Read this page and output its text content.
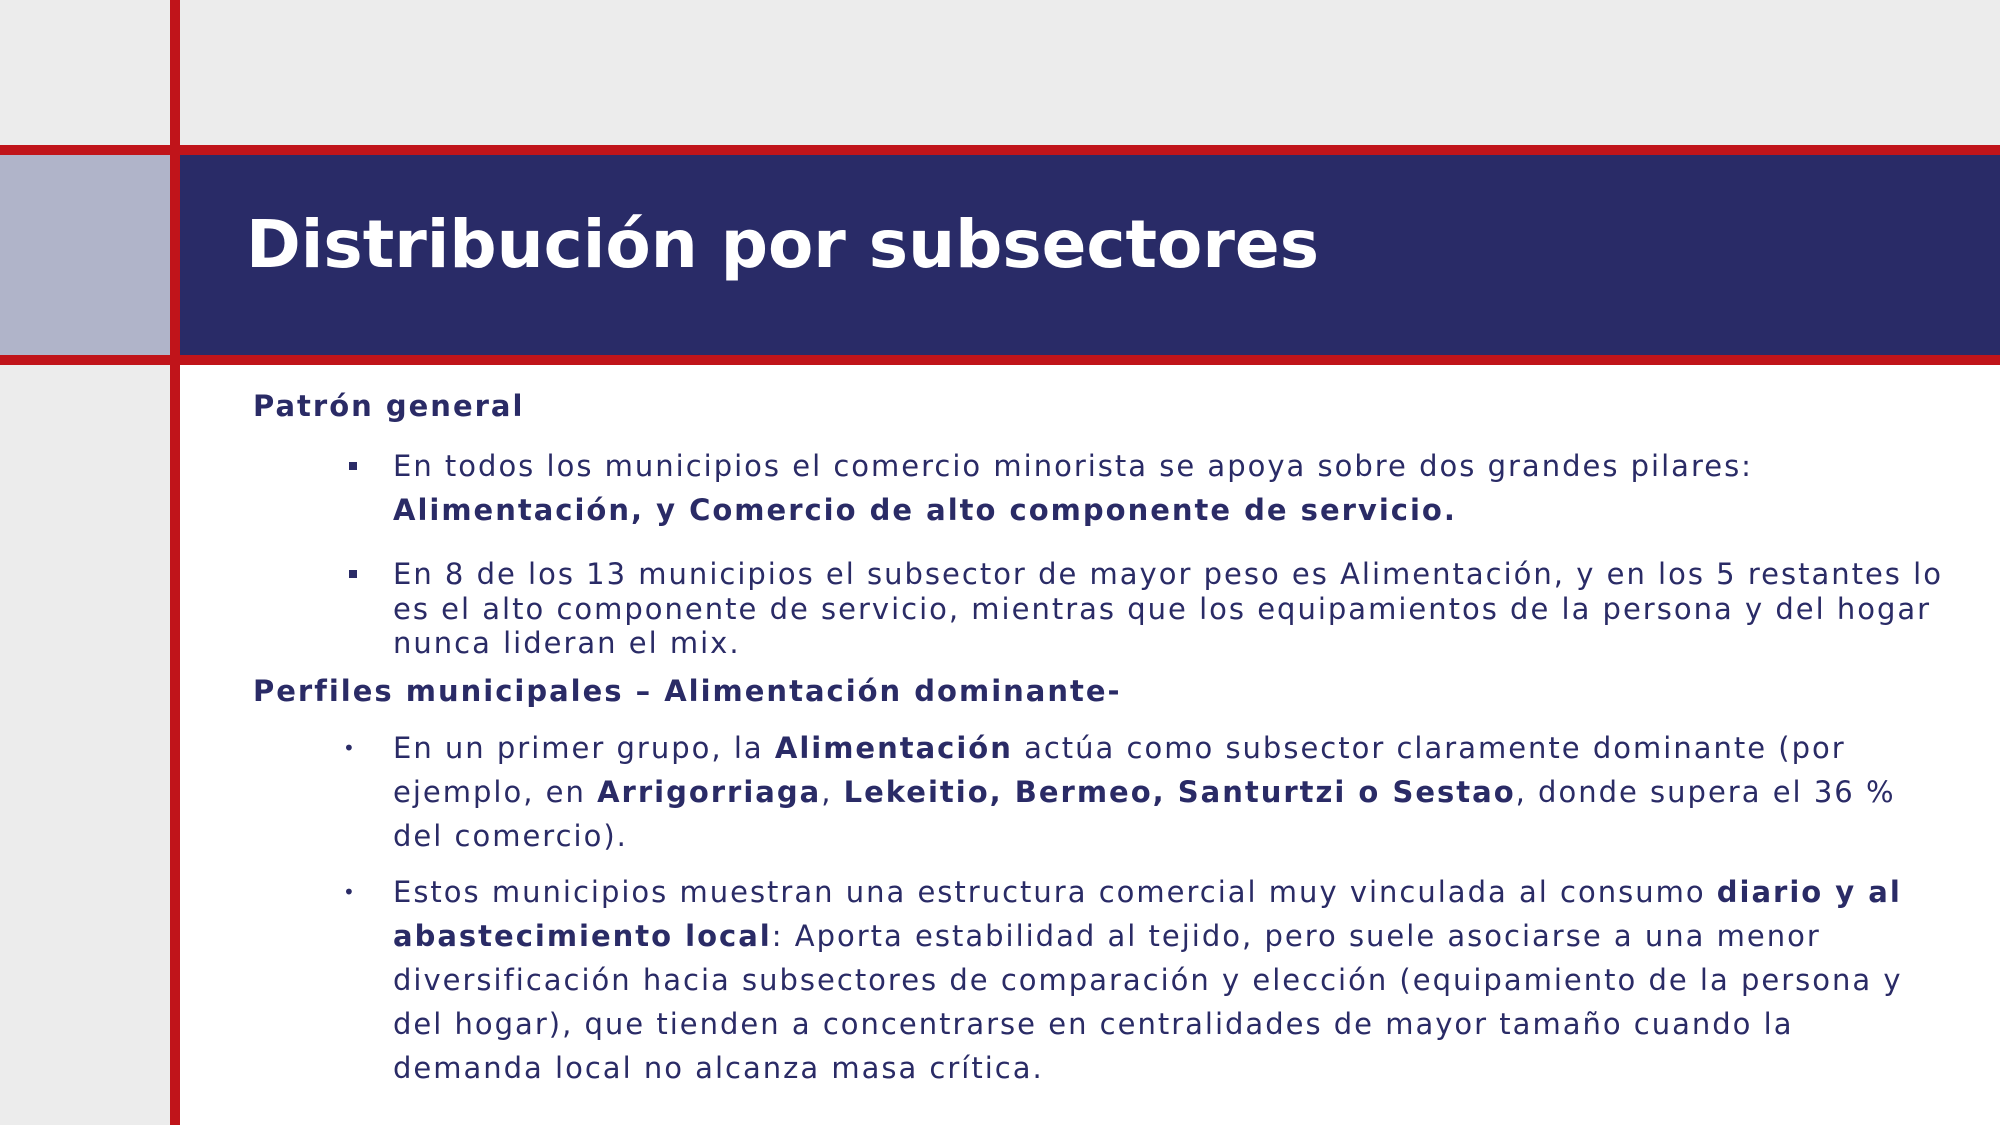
Distribución por subsectores
Patrón general
En todos los municipios el comercio minorista se apoya sobre dos grandes pilares:
Alimentación, y Comercio de alto componente de servicio.
En 8 de los 13 municipios el subsector de mayor peso es Alimentación, y en los 5 restantes lo es el alto componente de servicio, mientras que los equipamientos de la persona y del hogar nunca lideran el mix.
Perfiles municipales – Alimentación dominante-
• En un primer grupo, la Alimentación actúa como subsector claramente dominante (por ejemplo, en Arrigorriaga, Lekeitio, Bermeo, Santurtzi o Sestao, donde supera el 36 % del comercio).
• Estos municipios muestran una estructura comercial muy vinculada al consumo diario y al abastecimiento local: Aporta estabilidad al tejido, pero suele asociarse a una menor diversificación hacia subsectores de comparación y elección (equipamiento de la persona y del hogar), que tienden a concentrarse en centralidades de mayor tamaño cuando la demanda local no alcanza masa crítica.
